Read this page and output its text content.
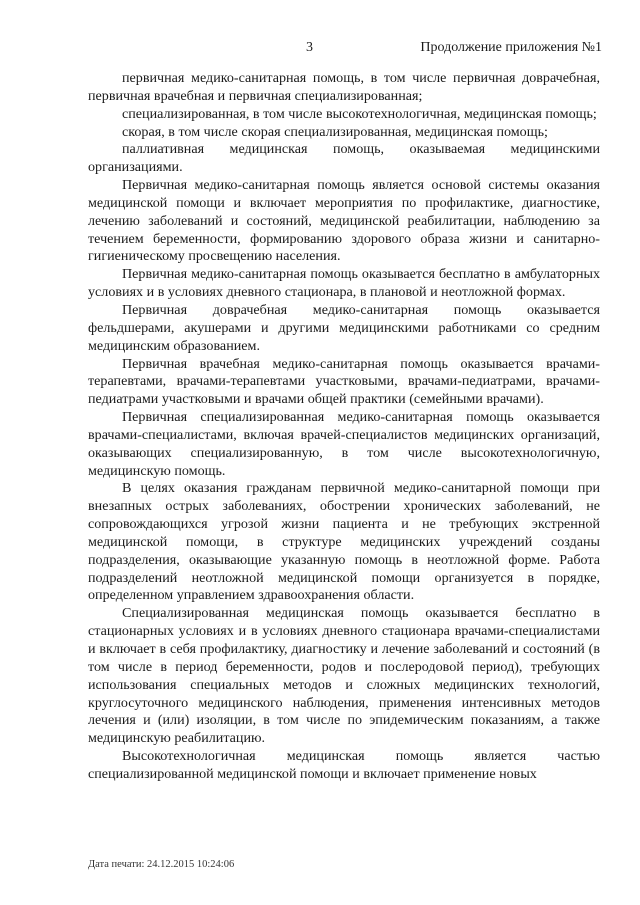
3	Продолжение приложения №1

первичная медико-санитарная помощь, в том числе первичная доврачебная, первичная врачебная и первичная специализированная;

специализированная, в том числе высокотехнологичная, медицинская помощь;

скорая, в том числе скорая специализированная, медицинская помощь;

паллиативная медицинская помощь, оказываемая медицинскими организациями.

Первичная медико-санитарная помощь является основой системы оказания медицинской помощи и включает мероприятия по профилактике, диагностике, лечению заболеваний и состояний, медицинской реабилитации, наблюдению за течением беременности, формированию здорового образа жизни и санитарно-гигиеническому просвещению населения.

Первичная медико-санитарная помощь оказывается бесплатно в амбулаторных условиях и в условиях дневного стационара, в плановой и неотложной формах.

Первичная доврачебная медико-санитарная помощь оказывается фельдшерами, акушерами и другими медицинскими работниками со средним медицинским образованием.

Первичная врачебная медико-санитарная помощь оказывается врачами-терапевтами, врачами-терапевтами участковыми, врачами-педиатрами, врачами-педиатрами участковыми и врачами общей практики (семейными врачами).

Первичная специализированная медико-санитарная помощь оказывается врачами-специалистами, включая врачей-специалистов медицинских организаций, оказывающих специализированную, в том числе высокотехнологичную, медицинскую помощь.

В целях оказания гражданам первичной медико-санитарной помощи при внезапных острых заболеваниях, обострении хронических заболеваний, не сопровождающихся угрозой жизни пациента и не требующих экстренной медицинской помощи, в структуре медицинских учреждений созданы подразделения, оказывающие указанную помощь в неотложной форме. Работа подразделений неотложной медицинской помощи организуется в порядке, определенном управлением здравоохранения области.

Специализированная медицинская помощь оказывается бесплатно в стационарных условиях и в условиях дневного стационара врачами-специалистами и включает в себя профилактику, диагностику и лечение заболеваний и состояний (в том числе в период беременности, родов и послеродовой период), требующих использования специальных методов и сложных медицинских технологий, круглосуточного медицинского наблюдения, применения интенсивных методов лечения и (или) изоляции, в том числе по эпидемическим показаниям, а также медицинскую реабилитацию.

Высокотехнологичная медицинская помощь является частью специализированной медицинской помощи и включает применение новых

Дата печати: 24.12.2015 10:24:06
